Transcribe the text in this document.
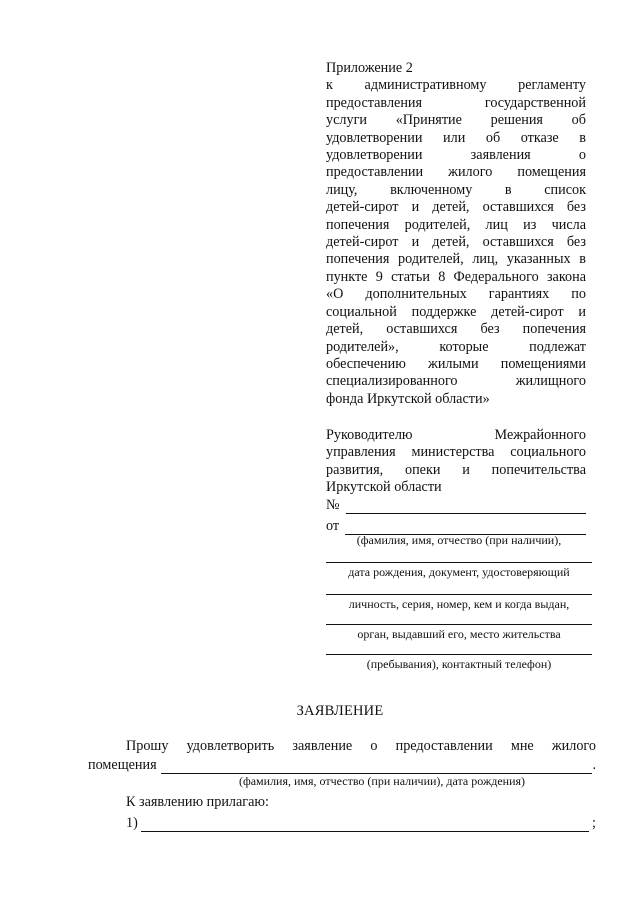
Приложение 2
к административному регламенту
предоставления государственной
услуги «Принятие решения об
удовлетворении или об отказе в
удовлетворении заявления о
предоставлении жилого помещения
лицу, включенному в список
детей-сирот и детей, оставшихся без
попечения родителей, лиц из числа
детей-сирот и детей, оставшихся без
попечения родителей, лиц, указанных в
пункте 9 статьи 8 Федерального закона
«О дополнительных гарантиях по
социальной поддержке детей-сирот и
детей, оставшихся без попечения
родителей», которые подлежат
обеспечению жилыми помещениями
специализированного жилищного
фонда Иркутской области»
Руководителю Межрайонного
управления министерства социального
развития, опеки и попечительства
Иркутской области
№
от
(фамилия, имя, отчество (при наличии),
дата рождения, документ, удостоверяющий
личность, серия, номер, кем и когда выдан,
орган, выдавший его, место жительства
(пребывания), контактный телефон)
ЗАЯВЛЕНИЕ
Прошу удовлетворить заявление о предоставлении мне жилого
помещения	.
(фамилия, имя, отчество (при наличии), дата рождения)
К заявлению прилагаю:
1)	;
